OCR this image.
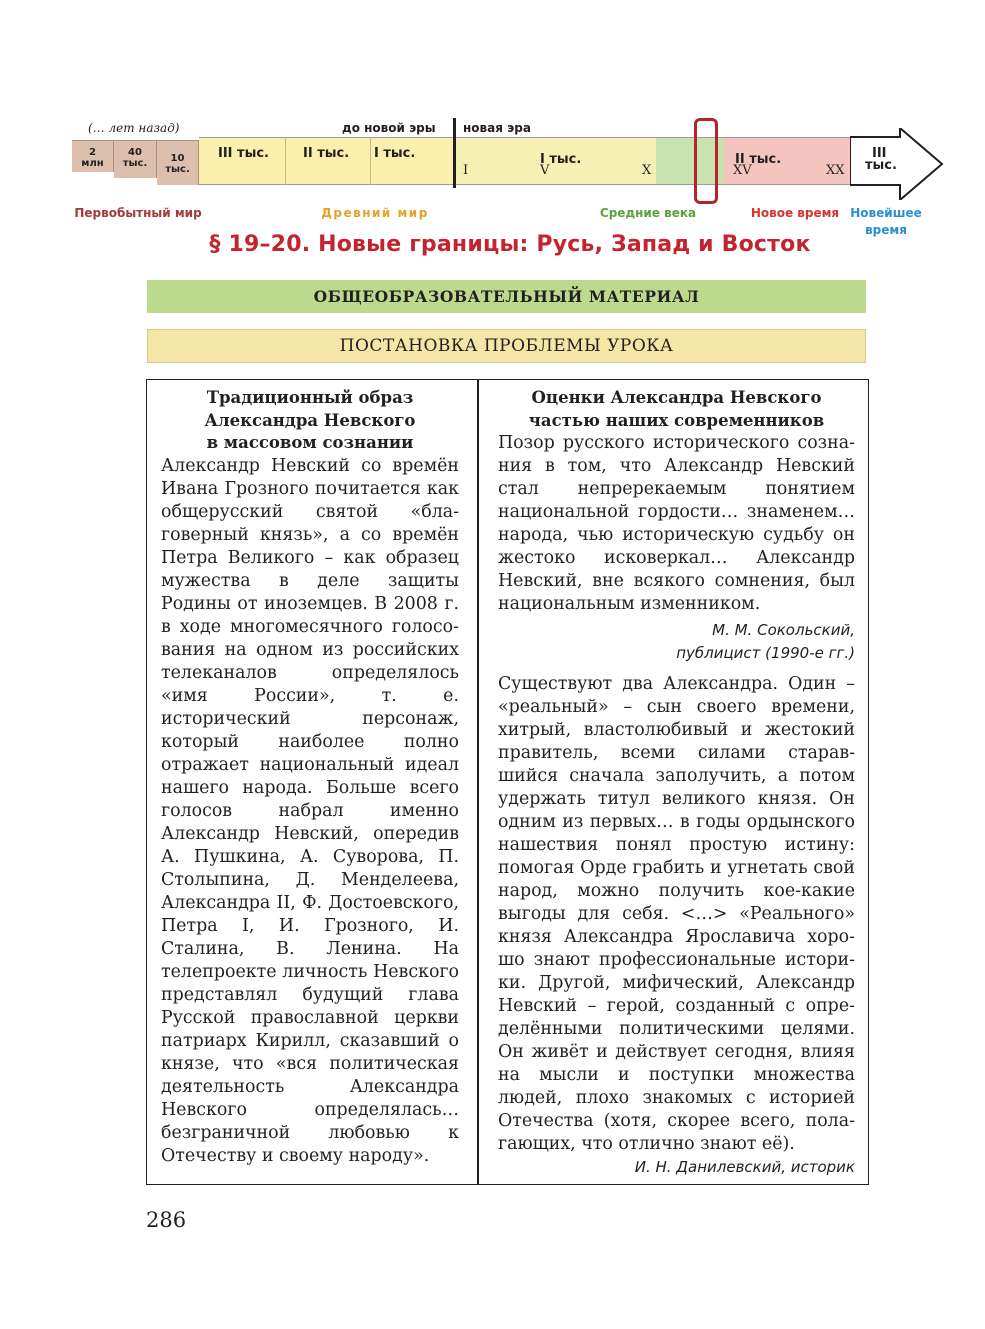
(… лет назад)	до новой эры новая эра
2
млн
40
тыс.	10
тыс.
III тыс.	II тыс.	I тыс.	I тыс.	II тыс.	III
тыс.
I	V	X	XV	XX
Первобытный мир	Древний мир	Средние века	Новое время Новейшее время
§ 19–20. Новые границы: Русь, Запад и Восток
ОБЩЕОБРАЗОВАТЕЛЬНЫЙ МАТЕРИАЛ
ПОСТАНОВКА ПРОБЛЕМЫ УРОКА
Традиционный образ
Александра Невского
в массовом сознании
Александр Невский со времён Ивана Грозного почитается как общерусский святой «благоверный князь», а со времён Петра Великого – как образец мужества в деле защиты Родины от иноземцев. В 2008 г. в ходе многомесячного голосования на одном из российских телеканалов определялось «имя России», т. е. исторический персонаж, который наиболее полно отражает национальный идеал нашего народа. Больше всего голосов набрал именно Александр Невский, опередив А. Пушкина, А. Суворова, П. Столыпина, Д. Менделеева, Александра II, Ф. Достоевского, Петра I, И. Грозного, И. Сталина, В. Ленина. На телепроекте личность Невского представлял будущий глава Русской православной церкви патриарх Кирилл, сказавший о князе, что «вся политическая деятельность Александра Невского определялась… безграничной любовью к Отечеству и своему народу».
Оценки Александра Невского
частью наших современников
Позор русского исторического сознания в том, что Александр Невский стал непререкаемым понятием национальной гордости… знаменем… народа, чью историческую судьбу он жестоко исковеркал… Александр Невский, вне всякого сомнения, был национальным изменником.
М. М. Сокольский,
публицист (1990-е гг.)
Существуют два Александра. Один – «реальный» – сын своего времени, хитрый, властолюбивый и жестокий правитель, всеми силами старавшийся сначала заполучить, а потом удержать титул великого князя. Он одним из первых… в годы ордынского нашествия понял простую истину: помогая Орде грабить и угнетать свой народ, можно получить кое-какие выгоды для себя. <…> «Реального» князя Александра Ярославича хорошо знают профессиональные историки. Другой, мифический, Александр Невский – герой, созданный с определёнными политическими целями. Он живёт и действует сегодня, влияя на мысли и поступки множества людей, плохо знакомых с историей Отечества (хотя, скорее всего, полагающих, что отлично знают её).
И. Н. Данилевский, историк
286
